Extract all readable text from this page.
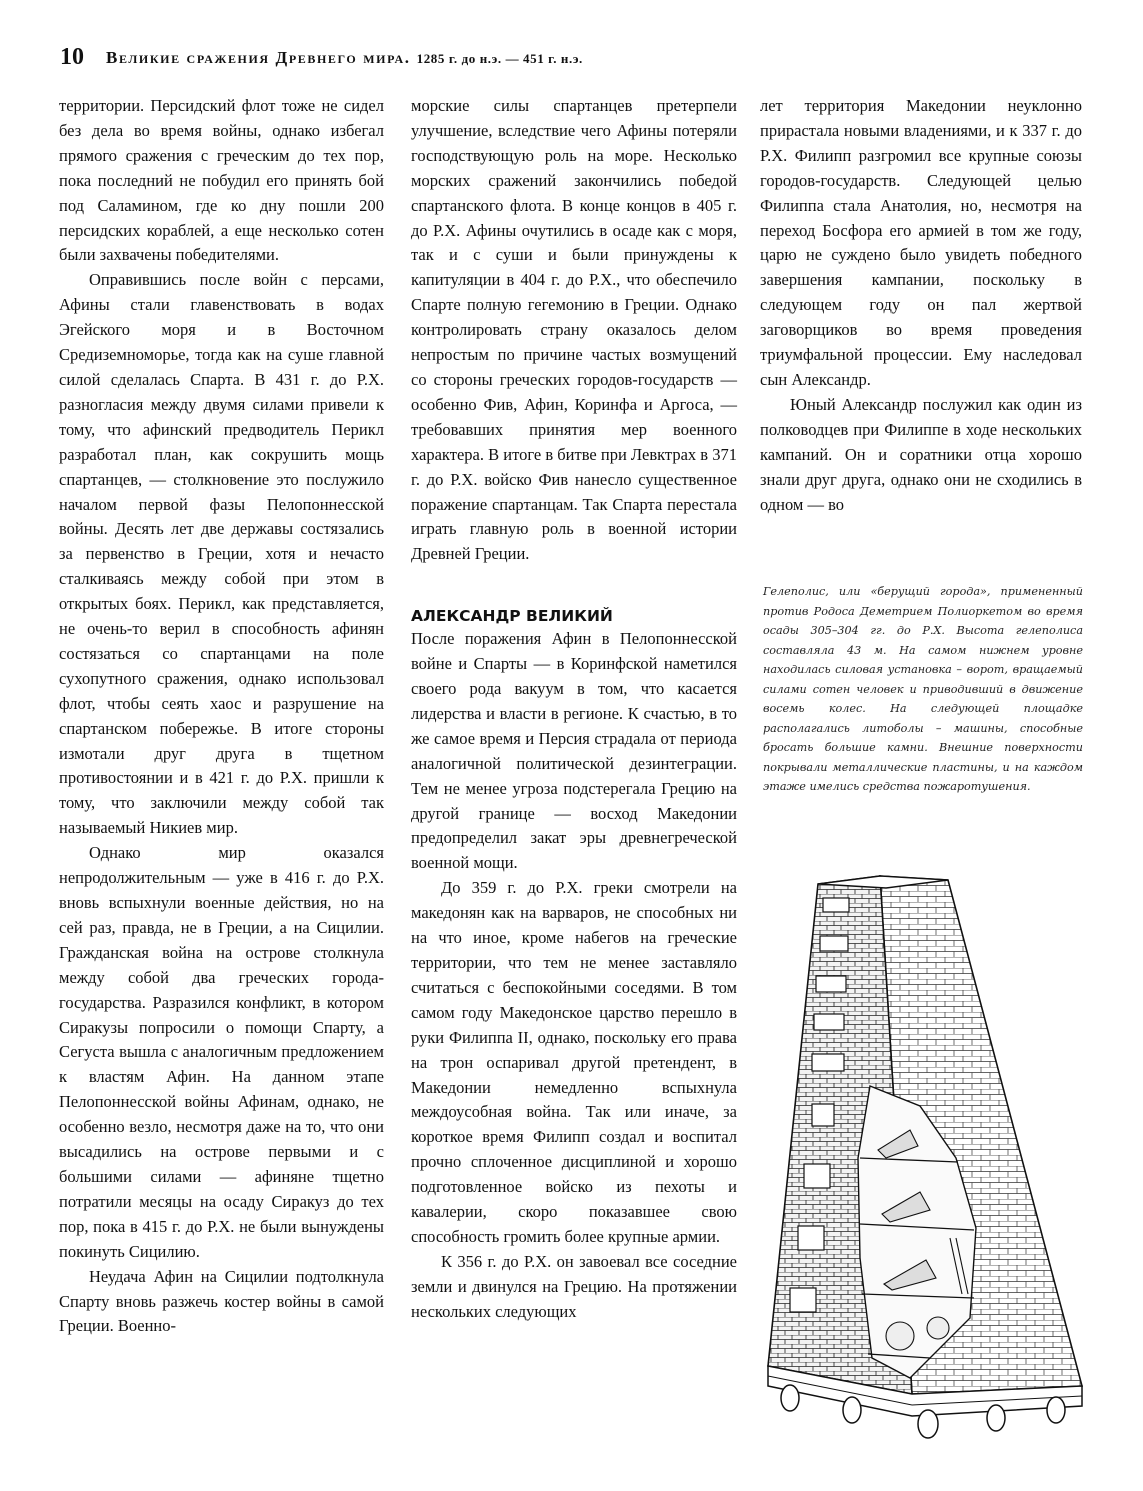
10 Великие сражения Древнего мира. 1285 г. до н.э. — 451 г. н.э.

территории. Персидский флот тоже не сидел без дела во время войны, однако избегал прямого сражения с греческим до тех пор, пока последний не побудил его принять бой под Саламином, где ко дну пошли 200 персидских кораблей, а еще несколько сотен были захвачены победителями.

Оправившись после войн с персами, Афины стали главенствовать в водах Эгейского моря и в Восточном Средиземноморье, тогда как на суше главной силой сделалась Спарта. В 431 г. до Р.Х. разногласия между двумя силами привели к тому, что афинский предводитель Перикл разработал план, как сокрушить мощь спартанцев, — столкновение это послужило началом первой фазы Пелопоннесской войны. Десять лет две державы состязались за первенство в Греции, хотя и нечасто сталкиваясь между собой при этом в открытых боях. Перикл, как представляется, не очень-то верил в способность афинян состязаться со спартанцами на поле сухопутного сражения, однако использовал флот, чтобы сеять хаос и разрушение на спартанском побережье. В итоге стороны измотали друг друга в тщетном противостоянии и в 421 г. до Р.Х. пришли к тому, что заключили между собой так называемый Никиев мир.

Однако мир оказался непродолжительным — уже в 416 г. до Р.Х. вновь вспыхнули военные действия, но на сей раз, правда, не в Греции, а на Сицилии. Гражданская война на острове столкнула между собой два греческих города-государства. Разразился конфликт, в котором Сиракузы попросили о помощи Спарту, а Сегуста вышла с аналогичным предложением к властям Афин. На данном этапе Пелопоннесской войны Афинам, однако, не особенно везло, несмотря даже на то, что они высадились на острове первыми и с большими силами — афиняне тщетно потратили месяцы на осаду Сиракуз до тех пор, пока в 415 г. до Р.Х. не были вынуждены покинуть Сицилию.

Неудача Афин на Сицилии подтолкнула Спарту вновь разжечь костер войны в самой Греции. Военно-

морские силы спартанцев претерпели улучшение, вследствие чего Афины потеряли господствующую роль на море. Несколько морских сражений закончились победой спартанского флота. В конце концов в 405 г. до Р.Х. Афины очутились в осаде как с моря, так и с суши и были принуждены к капитуляции в 404 г. до Р.Х., что обеспечило Спарте полную гегемонию в Греции. Однако контролировать страну оказалось делом непростым по причине частых возмущений со стороны греческих городов-государств — особенно Фив, Афин, Коринфа и Аргоса, — требовавших принятия мер военного характера. В итоге в битве при Левктрах в 371 г. до Р.Х. войско Фив нанесло существенное поражение спартанцам. Так Спарта перестала играть главную роль в военной истории Древней Греции.

АЛЕКСАНДР ВЕЛИКИЙ

После поражения Афин в Пелопоннесской войне и Спарты — в Коринфской наметился своего рода вакуум в том, что касается лидерства и власти в регионе. К счастью, в то же самое время и Персия страдала от периода аналогичной политической дезинтеграции. Тем не менее угроза подстерегала Грецию на другой границе — восход Македонии предопределил закат эры древнегреческой военной мощи.

До 359 г. до Р.Х. греки смотрели на македонян как на варваров, не способных ни на что иное, кроме набегов на греческие территории, что тем не менее заставляло считаться с беспокойными соседями. В том самом году Македонское царство перешло в руки Филиппа II, однако, поскольку его права на трон оспаривал другой претендент, в Македонии немедленно вспыхнула междоусобная война. Так или иначе, за короткое время Филипп создал и воспитал прочно сплоченное дисциплиной и хорошо подготовленное войско из пехоты и кавалерии, скоро показавшее свою способность громить более крупные армии.

К 356 г. до Р.Х. он завоевал все соседние земли и двинулся на Грецию. На протяжении нескольких следующих

лет территория Македонии неуклонно прирастала новыми владениями, и к 337 г. до Р.Х. Филипп разгромил все крупные союзы городов-государств. Следующей целью Филиппа стала Анатолия, но, несмотря на переход Босфора его армией в том же году, царю не суждено было увидеть победного завершения кампании, поскольку в следующем году он пал жертвой заговорщиков во время проведения триумфальной процессии. Ему наследовал сын Александр.

Юный Александр послужил как один из полководцев при Филиппе в ходе нескольких кампаний. Он и соратники отца хорошо знали друг друга, однако они не сходились в одном — во

Гелеполис, или «берущий города», примененный против Родоса Деметрием Полиоркетом во время осады 305–304 гг. до Р.Х. Высота гелеполиса составляла 43 м. На самом нижнем уровне находилась силовая установка – ворот, вращаемый силами сотен человек и приводивший в движение восемь колес. На следующей площадке располагались литоболы – машины, способные бросать большие камни. Внешние поверхности покрывали металлические пластины, и на каждом этаже имелись средства пожаротушения.
